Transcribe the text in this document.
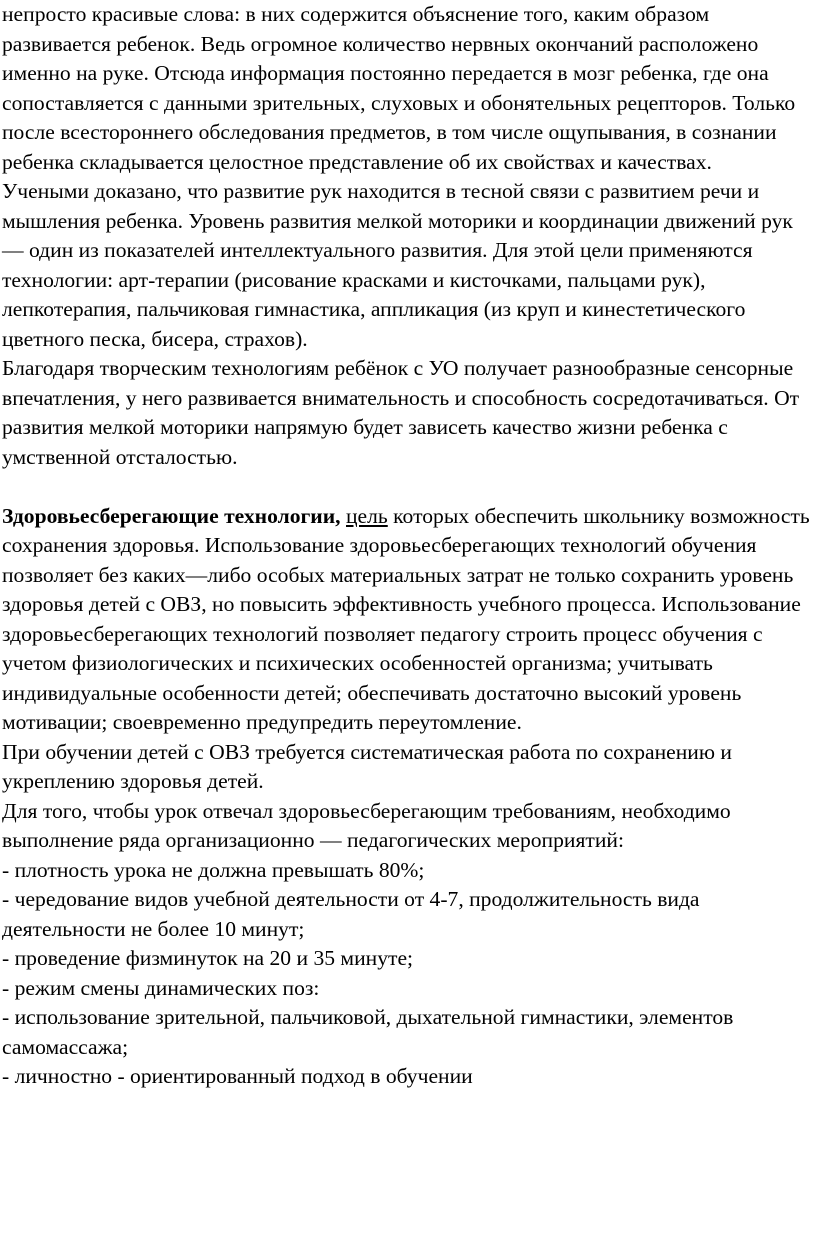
непросто красивые слова: в них содержится объяснение того, каким образом развивается ребенок. Ведь огромное количество нервных окончаний расположено именно на руке. Отсюда информация постоянно передается в мозг ребенка, где она сопоставляется с данными зрительных, слуховых и обонятельных рецепторов. Только после всестороннего обследования предметов, в том числе ощупывания, в сознании ребенка складывается целостное представление об их свойствах и качествах.

Учеными доказано, что развитие рук находится в тесной связи с развитием речи и мышления ребенка. Уровень развития мелкой моторики и координации движений рук — один из показателей интеллектуального развития. Для этой цели применяются технологии: арт-терапии (рисование красками и кисточками, пальцами рук), лепкотерапия, пальчиковая гимнастика, аппликация (из круп и кинестетического цветного песка, бисера, страхов).

Благодаря творческим технологиям ребёнок с УО получает разнообразные сенсорные впечатления, у него развивается внимательность и способность сосредотачиваться. От развития мелкой моторики напрямую будет зависеть качество жизни ребенка с умственной отсталостью.

Здоровьесберегающие технологии, цель которых обеспечить школьнику возможность сохранения здоровья. Использование здоровьесберегающих технологий обучения позволяет без каких—либо особых материальных затрат не только сохранить уровень здоровья детей с ОВЗ, но повысить эффективность учебного процесса. Использование здоровьесберегающих технологий позволяет педагогу строить процесс обучения с учетом физиологических и психических особенностей организма; учитывать индивидуальные особенности детей; обеспечивать достаточно высокий уровень мотивации; своевременно предупредить переутомление.

При обучении детей с ОВЗ требуется систематическая работа по сохранению и укреплению здоровья детей.

Для того, чтобы урок отвечал здоровьесберегающим требованиям, необходимо выполнение ряда организационно — педагогических мероприятий:

- плотность урока не должна превышать 80%;

- чередование видов учебной деятельности от 4-7, продолжительность вида деятельности не более 10 минут;

- проведение физминуток на 20 и 35 минуте;

- режим смены динамических поз:

- использование зрительной, пальчиковой, дыхательной гимнастики, элементов самомассажа;

- личностно - ориентированный подход в обучении
